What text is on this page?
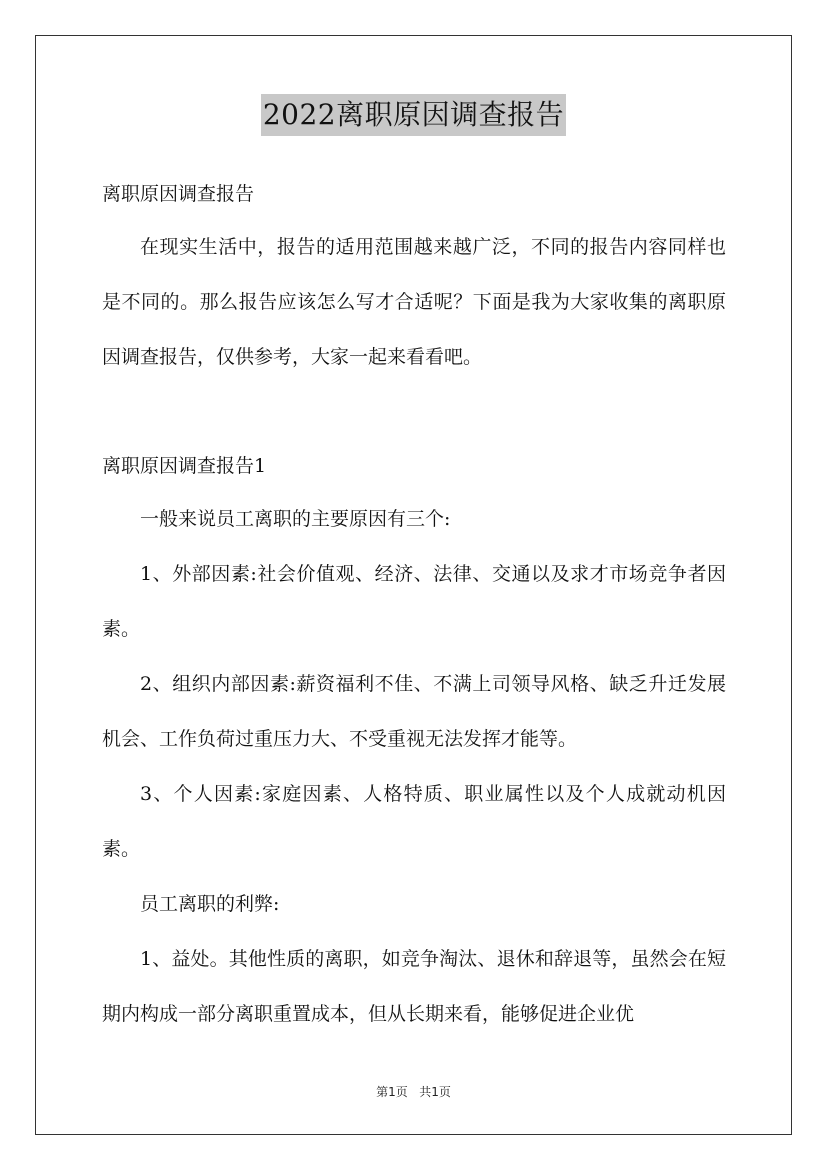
2022离职原因调查报告
离职原因调查报告

在现实生活中，报告的适用范围越来越广泛，不同的报告内容同样也是不同的。那么报告应该怎么写才合适呢？下面是我为大家收集的离职原因调查报告，仅供参考，大家一起来看看吧。

离职原因调查报告1

一般来说员工离职的主要原因有三个:

1、外部因素:社会价值观、经济、法律、交通以及求才市场竞争者因素。

2、组织内部因素:薪资福利不佳、不满上司领导风格、缺乏升迁发展机会、工作负荷过重压力大、不受重视无法发挥才能等。

3、个人因素:家庭因素、人格特质、职业属性以及个人成就动机因素。

员工离职的利弊:

1、益处。其他性质的离职，如竞争淘汰、退休和辞退等，虽然会在短期内构成一部分离职重置成本，但从长期来看，能够促进企业优

第1页 共1页
